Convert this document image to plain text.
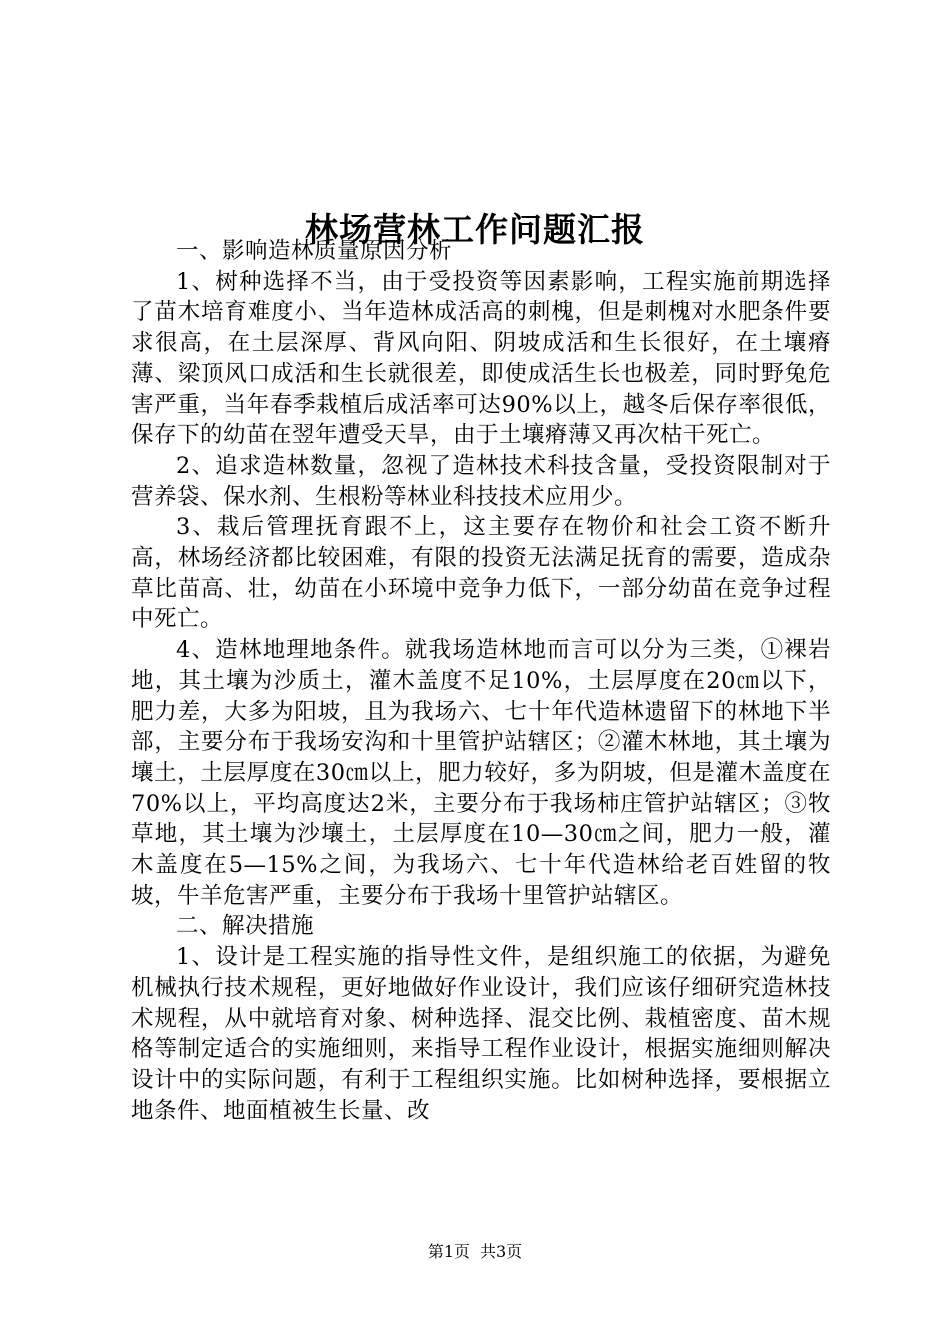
林场营林工作问题汇报

一、影响造林质量原因分析

1、树种选择不当，由于受投资等因素影响，工程实施前期选择了苗木培育难度小、当年造林成活高的刺槐，但是刺槐对水肥条件要求很高，在土层深厚、背风向阳、阴坡成活和生长很好，在土壤瘠薄、梁顶风口成活和生长就很差，即使成活生长也极差，同时野兔危害严重，当年春季栽植后成活率可达90%以上，越冬后保存率很低，保存下的幼苗在翌年遭受天旱，由于土壤瘠薄又再次枯干死亡。

2、追求造林数量，忽视了造林技术科技含量，受投资限制对于营养袋、保水剂、生根粉等林业科技技术应用少。

3、栽后管理抚育跟不上，这主要存在物价和社会工资不断升高，林场经济都比较困难，有限的投资无法满足抚育的需要，造成杂草比苗高、壮，幼苗在小环境中竞争力低下，一部分幼苗在竞争过程中死亡。

4、造林地理地条件。就我场造林地而言可以分为三类，①裸岩地，其土壤为沙质土，灌木盖度不足10%，土层厚度在20㎝以下，肥力差，大多为阳坡，且为我场六、七十年代造林遗留下的林地下半部，主要分布于我场安沟和十里管护站辖区；②灌木林地，其土壤为壤土，土层厚度在30㎝以上，肥力较好，多为阴坡，但是灌木盖度在70%以上，平均高度达2米，主要分布于我场柿庄管护站辖区；③牧草地，其土壤为沙壤土，土层厚度在10—30㎝之间，肥力一般，灌木盖度在5—15%之间，为我场六、七十年代造林给老百姓留的牧坡，牛羊危害严重，主要分布于我场十里管护站辖区。

二、解决措施

1、设计是工程实施的指导性文件，是组织施工的依据，为避免机械执行技术规程，更好地做好作业设计，我们应该仔细研究造林技术规程，从中就培育对象、树种选择、混交比例、栽植密度、苗木规格等制定适合的实施细则，来指导工程作业设计，根据实施细则解决设计中的实际问题，有利于工程组织实施。比如树种选择，要根据立地条件、地面植被生长量、改

第1页 共3页
